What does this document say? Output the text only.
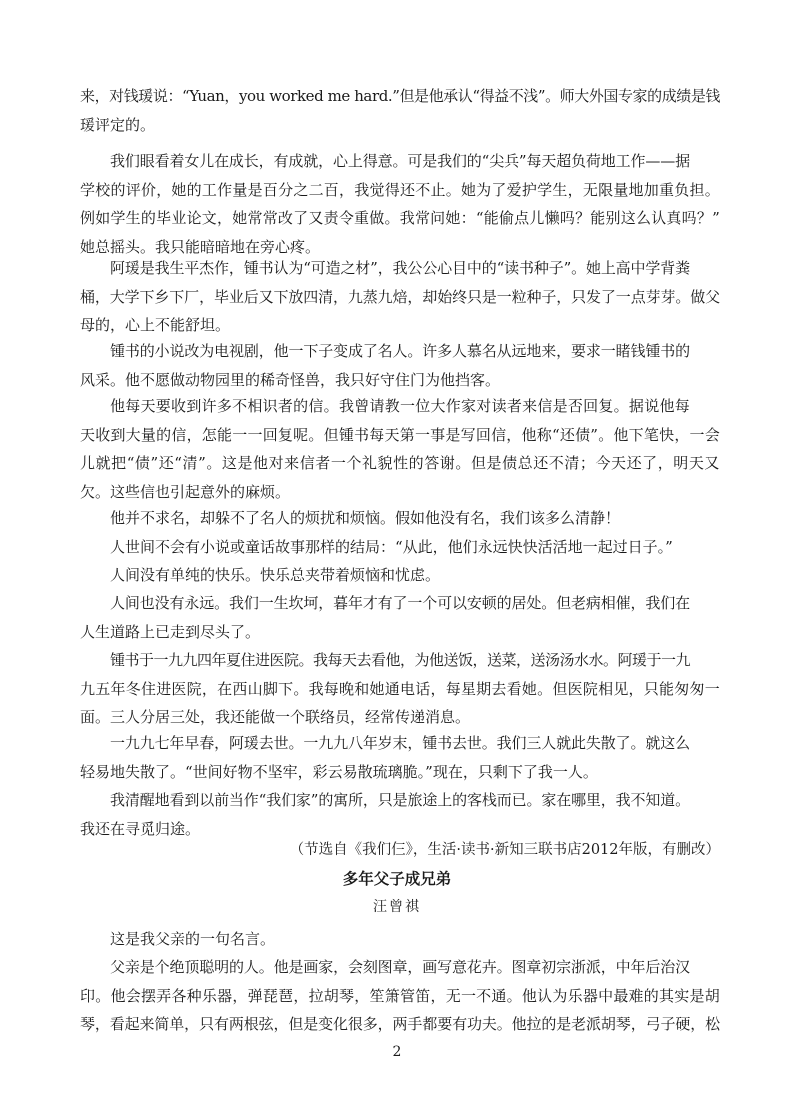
来，对钱瑗说：“Yuan，you worked me hard.”但是他承认“得益不浅”。师大外国专家的成绩是钱
瑗评定的。
我们眼看着女儿在成长，有成就，心上得意。可是我们的“尖兵”每天超负荷地工作——据
学校的评价，她的工作量是百分之二百，我觉得还不止。她为了爱护学生，无限量地加重负担。
例如学生的毕业论文，她常常改了又责令重做。我常问她：“能偷点儿懒吗？能别这么认真吗？”
她总摇头。我只能暗暗地在旁心疼。
阿瑗是我生平杰作，锺书认为“可造之材”，我公公心目中的“读书种子”。她上高中学背粪
桶，大学下乡下厂，毕业后又下放四清，九蒸九焙，却始终只是一粒种子，只发了一点芽芽。做父
母的，心上不能舒坦。
锺书的小说改为电视剧，他一下子变成了名人。许多人慕名从远地来，要求一睹钱锺书的
风采。他不愿做动物园里的稀奇怪兽，我只好守住门为他挡客。
他每天要收到许多不相识者的信。我曾请教一位大作家对读者来信是否回复。据说他每
天收到大量的信，怎能一一回复呢。但锺书每天第一事是写回信，他称“还债”。他下笔快，一会
儿就把“债”还“清”。这是他对来信者一个礼貌性的答谢。但是债总还不清；今天还了，明天又
欠。这些信也引起意外的麻烦。
他并不求名，却躲不了名人的烦扰和烦恼。假如他没有名，我们该多么清静！
人世间不会有小说或童话故事那样的结局：“从此，他们永远快快活活地一起过日子。”
人间没有单纯的快乐。快乐总夹带着烦恼和忧虑。
人间也没有永远。我们一生坎坷，暮年才有了一个可以安顿的居处。但老病相催，我们在
人生道路上已走到尽头了。
锺书于一九九四年夏住进医院。我每天去看他，为他送饭，送菜，送汤汤水水。阿瑗于一九
九五年冬住进医院，在西山脚下。我每晚和她通电话，每星期去看她。但医院相见，只能匆匆一
面。三人分居三处，我还能做一个联络员，经常传递消息。
一九九七年早春，阿瑗去世。一九九八年岁末，锺书去世。我们三人就此失散了。就这么
轻易地失散了。“世间好物不坚牢，彩云易散琉璃脆。”现在，只剩下了我一人。
我清醒地看到以前当作“我们家”的寓所，只是旅途上的客栈而已。家在哪里，我不知道。
我还在寻觅归途。
（节选自《我们仨》，生活·读书·新知三联书店2012年版，有删改）
多年父子成兄弟
汪曾祺
这是我父亲的一句名言。
父亲是个绝顶聪明的人。他是画家，会刻图章，画写意花卉。图章初宗浙派，中年后治汉
印。他会摆弄各种乐器，弹琵琶，拉胡琴，笙箫管笛，无一不通。他认为乐器中最难的其实是胡
琴，看起来简单，只有两根弦，但是变化很多，两手都要有功夫。他拉的是老派胡琴，弓子硬，松
2
